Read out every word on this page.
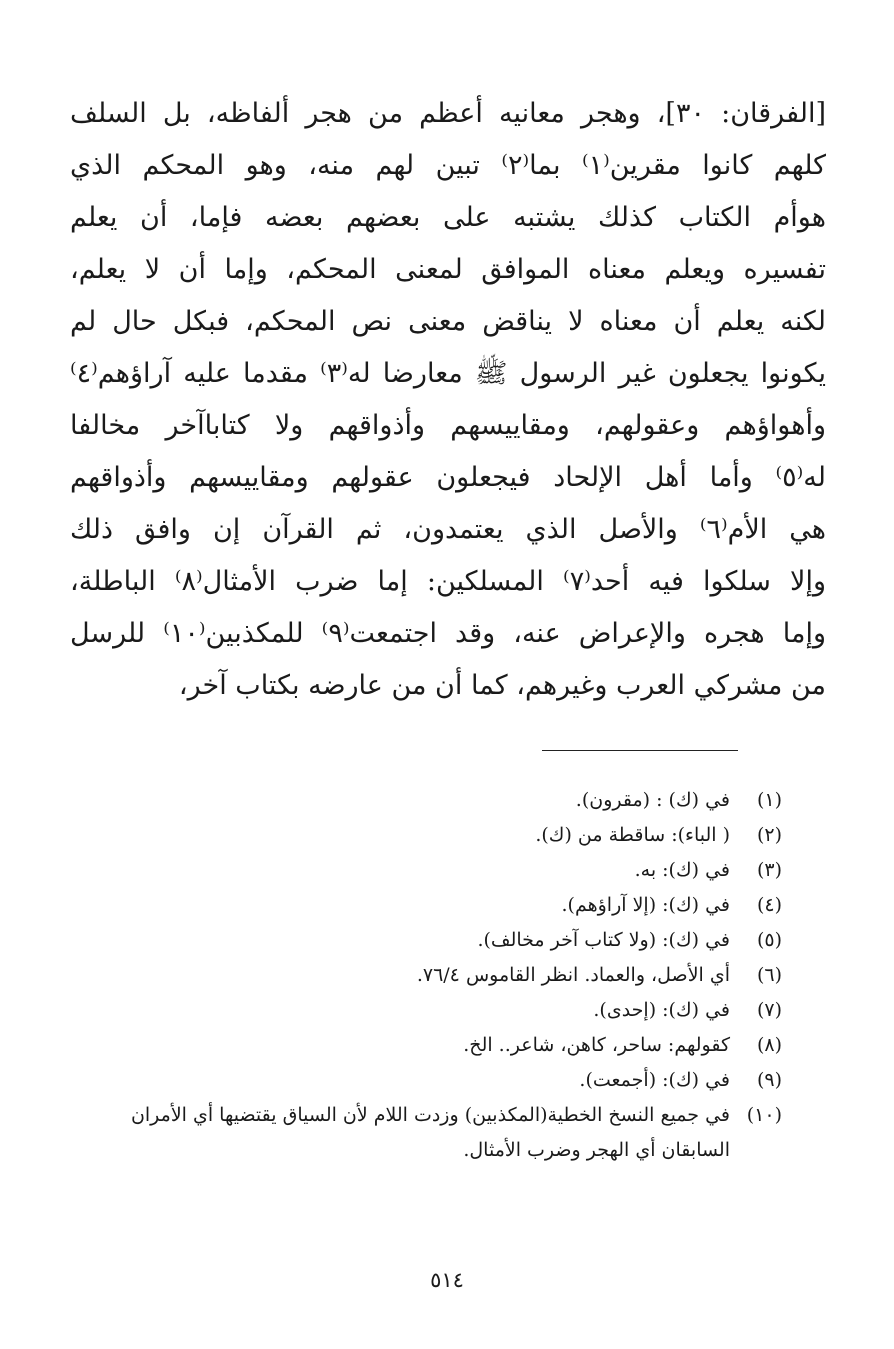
[الفرقان: ٣٠]، وهجر معانيه أعظم من هجر ألفاظه، بل السلف
كلهم كانوا مقرين⁽١⁾ بما⁽٢⁾ تبين لهم منه، وهو المحكم الذي
هوأم الكتاب كذلك يشتبه على بعضهم بعضه فإما، أن يعلم
تفسيره ويعلم معناه الموافق لمعنى المحكم، وإما أن لا يعلم،
لكنه يعلم أن معناه لا يناقض معنى نص المحكم، فبكل حال لم
يكونوا يجعلون غير الرسول ﷺ معارضا له⁽٣⁾ مقدما عليه آراؤهم⁽٤⁾
وأهواؤهم وعقولهم، ومقاييسهم وأذواقهم ولا كتاباآخر مخالفا
له⁽٥⁾ وأما أهل الإلحاد فيجعلون عقولهم ومقاييسهم وأذواقهم
هي الأم⁽٦⁾ والأصل الذي يعتمدون، ثم القرآن إن وافق ذلك
وإلا سلكوا فيه أحد⁽٧⁾ المسلكين: إما ضرب الأمثال⁽٨⁾ الباطلة،
وإما هجره والإعراض عنه، وقد اجتمعت⁽٩⁾ للمكذبين⁽١٠⁾ للرسل
من مشركي العرب وغيرهم، كما أن من عارضه بكتاب آخر،
(١)
في (ك) : (مقرون).
(٢)
( الباء): ساقطة من (ك).
(٣)
في (ك): به.
(٤)
في (ك): (إلا آراؤهم).
(٥)
في (ك): (ولا كتاب آخر مخالف).
(٦)
أي الأصل، والعماد. انظر القاموس ٧٦/٤.
(٧)
في (ك): (إحدى).
(٨)
كقولهم: ساحر، كاهن، شاعر.. الخ.
(٩)
في (ك): (أجمعت).
(١٠)
في جميع النسخ الخطية(المكذبين) وزدت اللام لأن السياق يقتضيها أي الأمران
السابقان أي الهجر وضرب الأمثال.
٥١٤
